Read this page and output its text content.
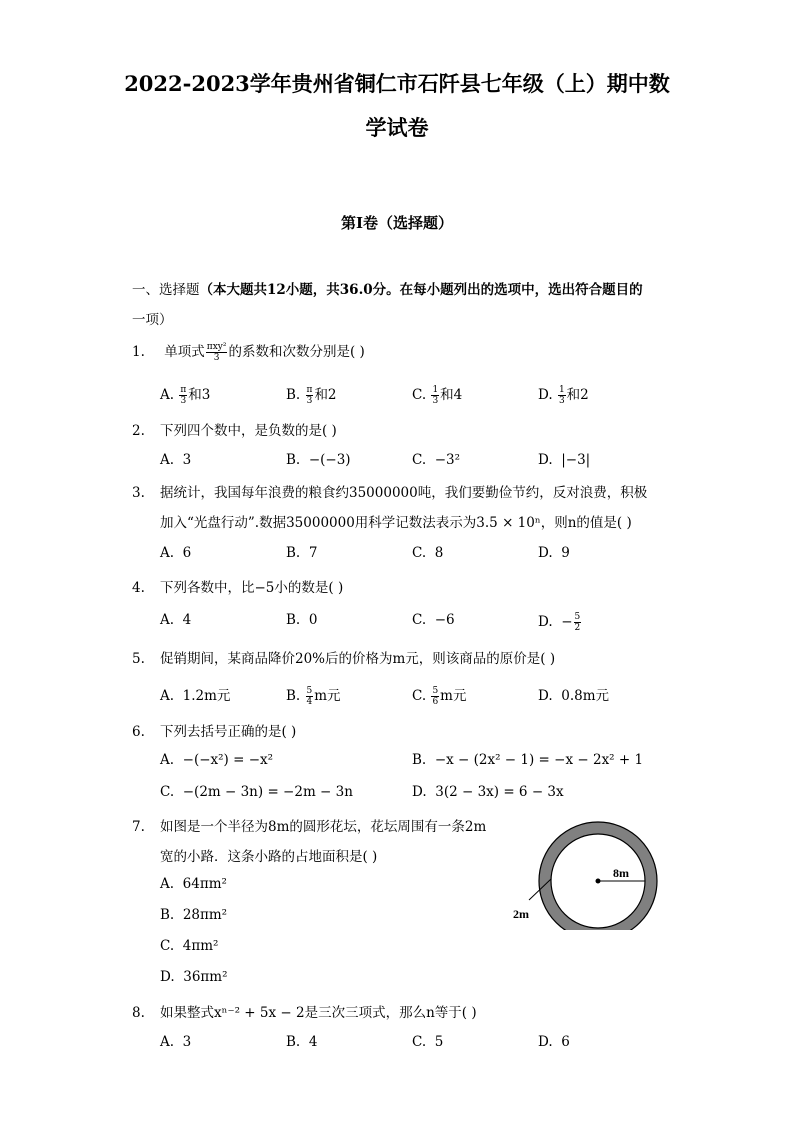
2022-2023学年贵州省铜仁市石阡县七年级（上）期中数
学试卷
第I卷（选择题）
一、选择题（本大题共12小题，共36.0分。在每小题列出的选项中，选出符合题目的
一项）
1. 单项式 $\frac{\text{πxy²}}{3}$ 的系数和次数分别是( )
A. $\frac{\pi}{3}$ 和3	B. $\frac{\pi}{3}$ 和2	C. $\frac{1}{3}$ 和4	D. $\frac{1}{3}$ 和2
2. 下列四个数中，是负数的是( )
A. 3	B. −(−3)	C. −3²	D. |−3|
3. 据统计，我国每年浪费的粮食约35000000吨，我们要勤俭节约，反对浪费，积极
加入“光盘行动”.数据35000000用科学记数法表示为3.5 × 10ⁿ，则n的值是( )
A. 6	B. 7	C. 8	D. 9
4. 下列各数中，比−5小的数是( )
A. 4	B. 0	C. −6	D. − $\frac{5}{2}$
5. 促销期间，某商品降价20%后的价格为m元，则该商品的原价是( )
A. 1.2m元	B. $\frac{5}{4}$ m元	C. $\frac{5}{6}$ m元	D. 0.8m元
6. 下列去括号正确的是( )
A. −(−x²) = −x²	B. −x − (2x² − 1) = −x − 2x² + 1
C. −(2m − 3n) = −2m − 3n	D. 3(2 − 3x) = 6 − 3x
7. 如图是一个半径为8m的圆形花坛，花坛周围有一条2m
宽的小路．这条小路的占地面积是( )
A. 64πm²
B. 28πm²
C. 4πm²
D. 36πm²
8m
2m
8. 如果整式xⁿ⁻² + 5x − 2是三次三项式，那么n等于( )
A. 3	B. 4	C. 5	D. 6
